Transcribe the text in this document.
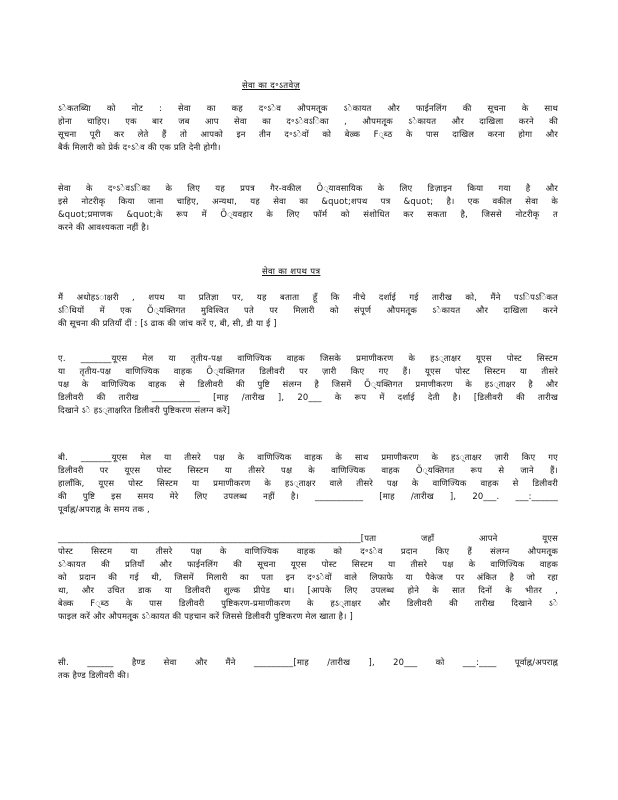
सेवा का द॰ऽतवेज़
ऽेकतब्यिा को नोट : सेवा का कह द॰ऽेव औपमतृ्क ऽेकायत और फाईनलिंग की सूचना के साथ
होना चाहिए। एक बार जब आप सेवा का द॰ऽेवऽिका , औपमतृ्क ऽेकायत और दाखिला करने की
सूचना पूरी कर लेते हैं तो आपको इन तीन द॰ऽेवों को बेल्र्क F्ब्ठ के पास दाखिल करना होगा और
बैर्क मिलारी को प्रेर्क द॰ऽेव की एक प्रति देनी होगी।
सेवा के द॰ऽेवऽिका के लिए यह प्रपत्र गैर-वकील Õ्यावसायिक के लिए डिज़ाइन किया गया है और
इसे नोटरीकृ किया जाना चाहिए, अन्यथा, यह सेवा का &quot;शपथ पत्र &quot; है। एक वकील सेवा के
&quot;प्रमाणक &quot;के रूप में Õ्यवहार के लिए फॉर्म को संशोधित कर सकता है, जिससे नोटरीकृ त
करने की आवश्यकता नहीं है।
सेवा का शपथ पत्र
मैं अधोहऽाक्षरी , शपथ या प्रतिज्ञा पर, यह बताता हूँ कि नीचे दर्शाई गई तारीख को, मैंने पऽिपऽिकत
ऽिथियों में एक Õ्यक्तिगत मुविश्वित पते पर मिलारी को संपूर्ण औपमतृ्क ऽेकायत और दाखिला करने
की सूचना की प्रतियाँ दीं : [ऽ ढाक की जांच करें ए, बी, सी, डी या ई ]
ए. _______यूएस मेल या तृतीय-पक्ष वाणिज्यिक वाहक जिसके प्रमाणीकरण के हऽ्ताक्षर यूएस पोस्ट सिस्टम
या तृतीय-पक्ष वाणिज्यिक वाहक Õ्यक्तिगत डिलीवरी पर ज़ारी किए गए हैं। यूएस पोस्ट सिस्टम या तीसरे
पक्ष के वाणिज्यिक वाहक से डिलीवरी की पुष्टि संलग्न है जिसमें Õ्यक्तिगत प्रमाणीकरण के हऽ्ताक्षर है और
डिलीवरी की तारीख ___________ [माह /तारीख ], 20___ के रूप में दर्शाई देती है। [डिलीवरी की तारीख
दिखाने ऽे हऽ्ताक्षरित डिलीवरी पुष्टिकरण संलग्न करें]
बी. _______यूएस मेल या तीसरे पक्ष के वाणिज्यिक वाहक के साथ प्रमाणीकरण के हऽ्ताक्षर ज़ारी किए गए
डिलीवरी पर यूएस पोस्ट सिस्टम या तीसरे पक्ष के वाणिज्यिक वाहक Õ्यक्तिगत रूप से जाने हैं।
हालाँकि, यूएस पोस्ट सिस्टम या प्रमाणीकरण के हऽ्ताक्षर वाले तीसरे पक्ष के वाणिज्यिक वाहक से डिलीवरी
की पुष्टि इस समय मेरे लिए उपलब्ध नहीं है। ___________ [माह /तारीख ], 20___. ___:______
पूर्वाह्न/अपराह्न के समय तक ,
_____________________________________________________________________[पता जहाँ आपने यूएस
पोस्ट सिस्टम या तीसरे पक्ष के वाणिज्यिक वाहक को द॰ऽेव प्रदान किए हैं संलग्न औपमतृ्क
ऽेकायत की प्रतियाँ और फाईनलिंग की सूचना यूएस पोस्ट सिस्टम या तीसरे पक्ष के वाणिज्यिक वाहक
को प्रदान की गई थी, जिसमें मिलारी का पता इन द॰ऽेवों वाले लिफाफे या पैकेज पर अंकित है जो रहा
था, और उचित डाक या डिलीवरी शुल्क प्रीपेड था। [आपके लिए उपलब्ध होने के सात दिनों के भीतर ,
बेल्र्क F्ब्ठ के पास डिलीवरी पुष्टिकरण-प्रमाणीकरण के हऽ्ताक्षर और डिलीवरी की तारीख दिखाने ऽे
फाइल करें और औपमतृ्क ऽेकायत की पहचान करें जिससे डिलीवरी पुष्टिकरण मेल खाता है। ]
सी. ______ हैण्ड सेवा और मैंने _________[माह /तारीख ], 20___ को ___:____ पूर्वाह्न/अपराह्न
तक हैण्ड डिलीवरी की।
